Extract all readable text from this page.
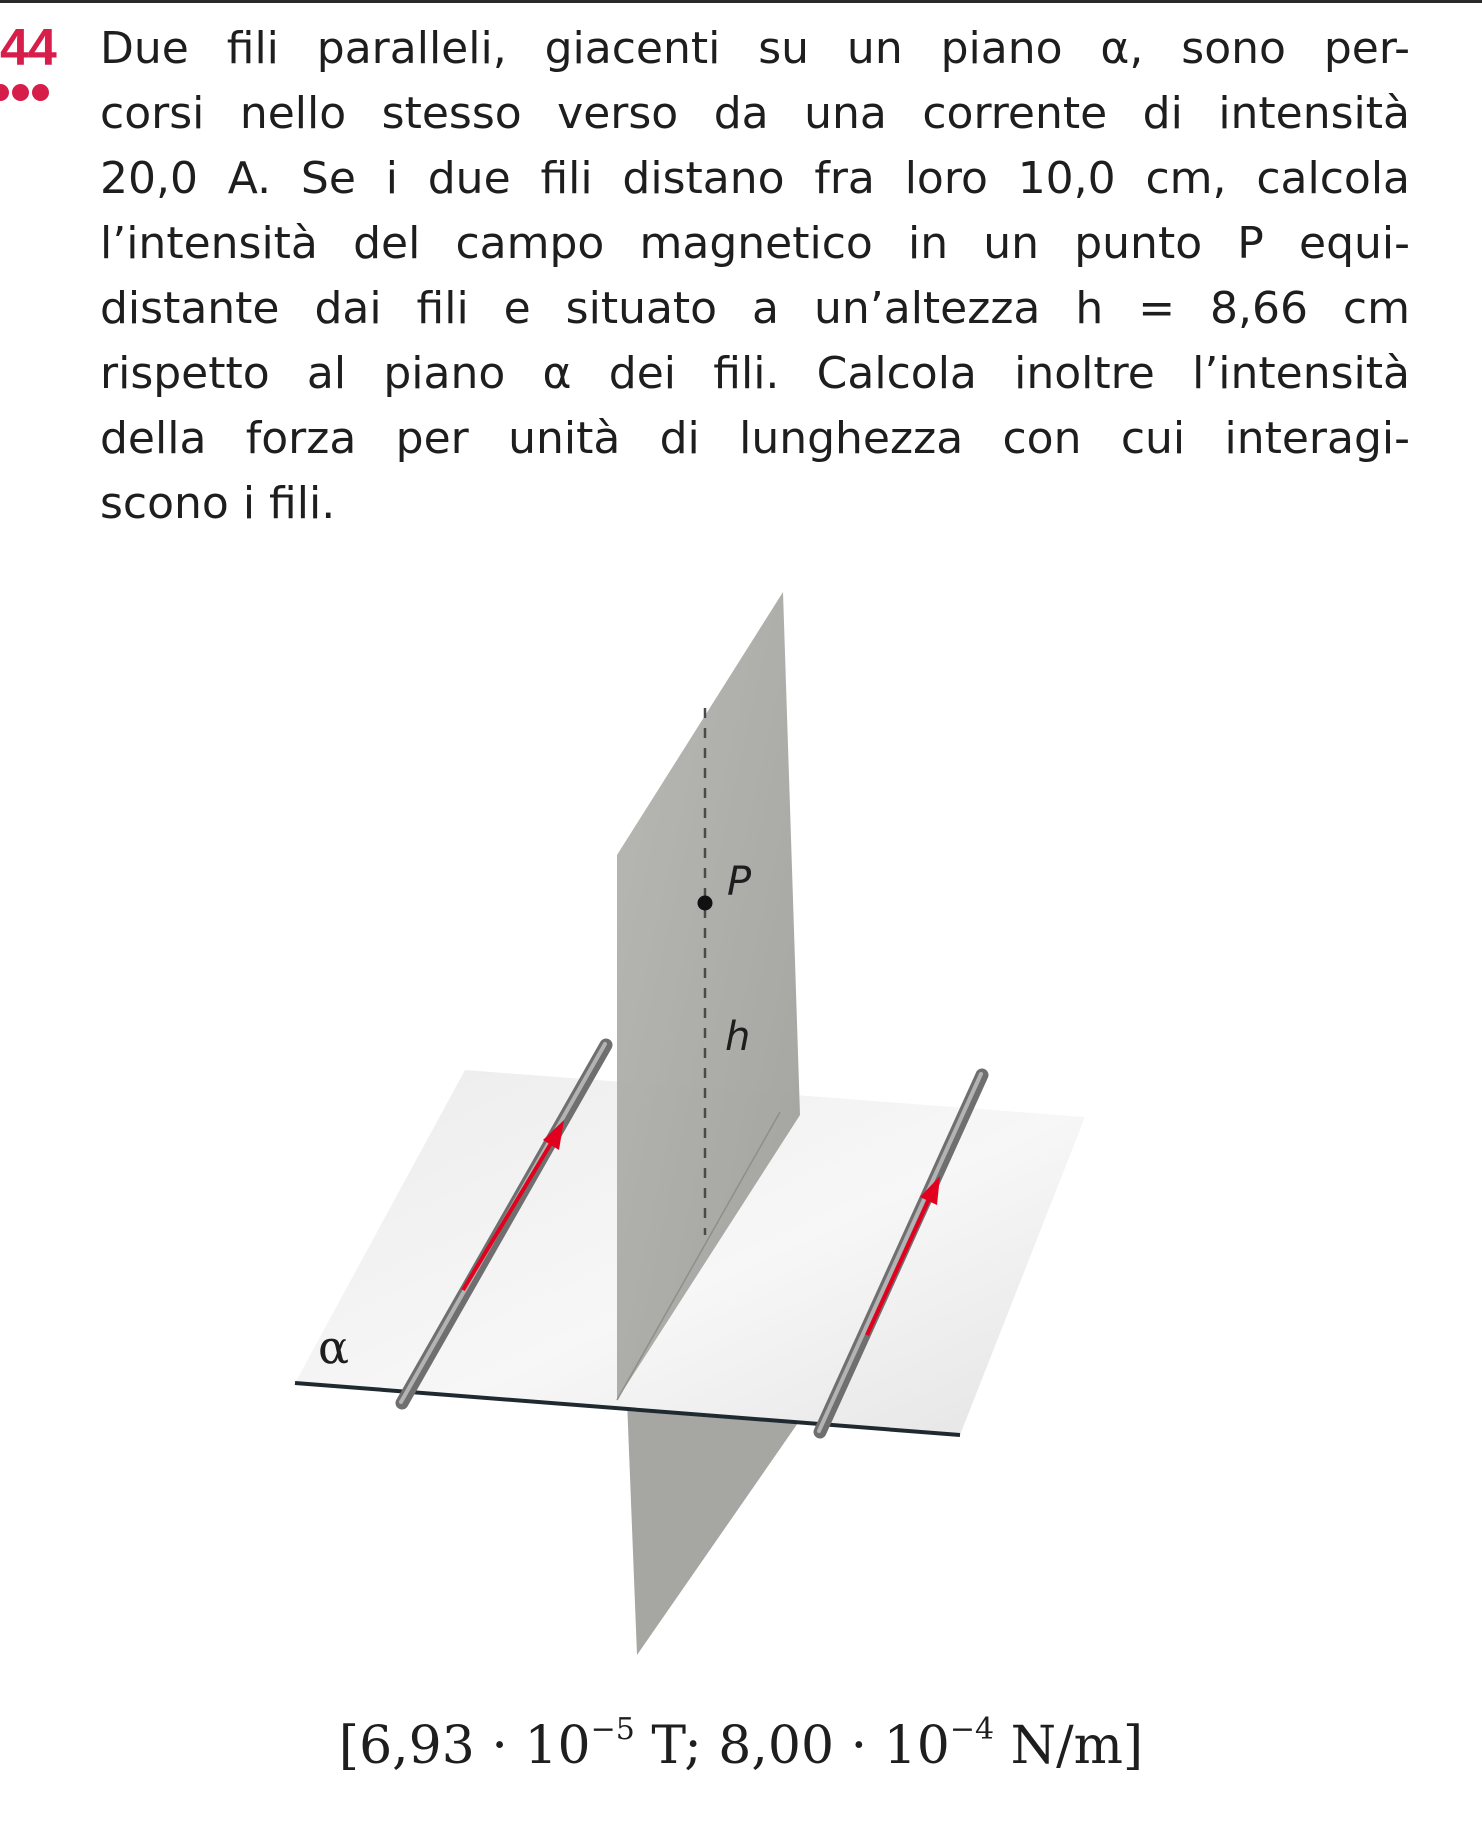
44 Due fili paralleli, giacenti su un piano α, sono per-
corsi nello stesso verso da una corrente di intensità
20,0 A. Se i due fili distano fra loro 10,0 cm, calcola
l’intensità del campo magnetico in un punto P equi-
distante dai fili e situato a un’altezza h = 8,66 cm
rispetto al piano α dei fili. Calcola inoltre l’intensità
della forza per unità di lunghezza con cui interagi-
scono i fili.
P
h
α
[$6,93 \cdot 10^{-5}$ T; $8,00 \cdot 10^{-4}$ N/m]
